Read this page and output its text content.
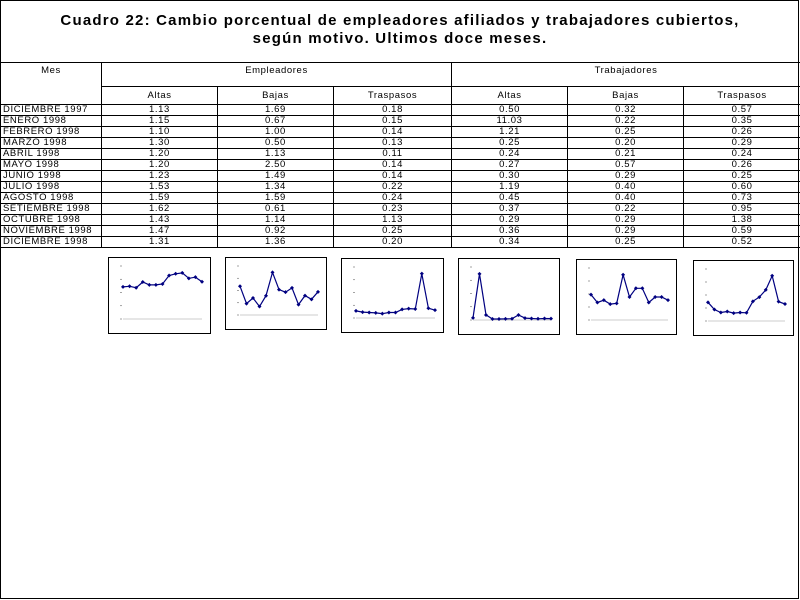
Cuadro 22: Cambio porcentual de empleadores afiliados y trabajadores cubiertos,
según motivo. Ultimos doce meses.
Mes	Empleadores			Trabajadores		
	Altas	Bajas	Traspasos	Altas	Bajas	Traspasos
DICIEMBRE 1997	1.13	1.69	0.18	0.50	0.32	0.57
ENERO 1998	1.15	0.67	0.15	11.03	0.22	0.35
FEBRERO 1998	1.10	1.00	0.14	1.21	0.25	0.26
MARZO 1998	1.30	0.50	0.13	0.25	0.20	0.29
ABRIL 1998	1.20	1.13	0.11	0.24	0.21	0.24
MAYO 1998	1.20	2.50	0.14	0.27	0.57	0.26
JUNIO 1998	1.23	1.49	0.14	0.30	0.29	0.25
JULIO 1998	1.53	1.34	0.22	1.19	0.40	0.60
AGOSTO 1998	1.59	1.59	0.24	0.45	0.40	0.73
SETIEMBRE 1998	1.62	0.61	0.23	0.37	0.22	0.95
OCTUBRE 1998	1.43	1.14	1.13	0.29	0.29	1.38
NOVIEMBRE 1998	1.47	0.92	0.25	0.36	0.29	0.59
DICIEMBRE 1998	1.31	1.36	0.20	0.34	0.25	0.52
